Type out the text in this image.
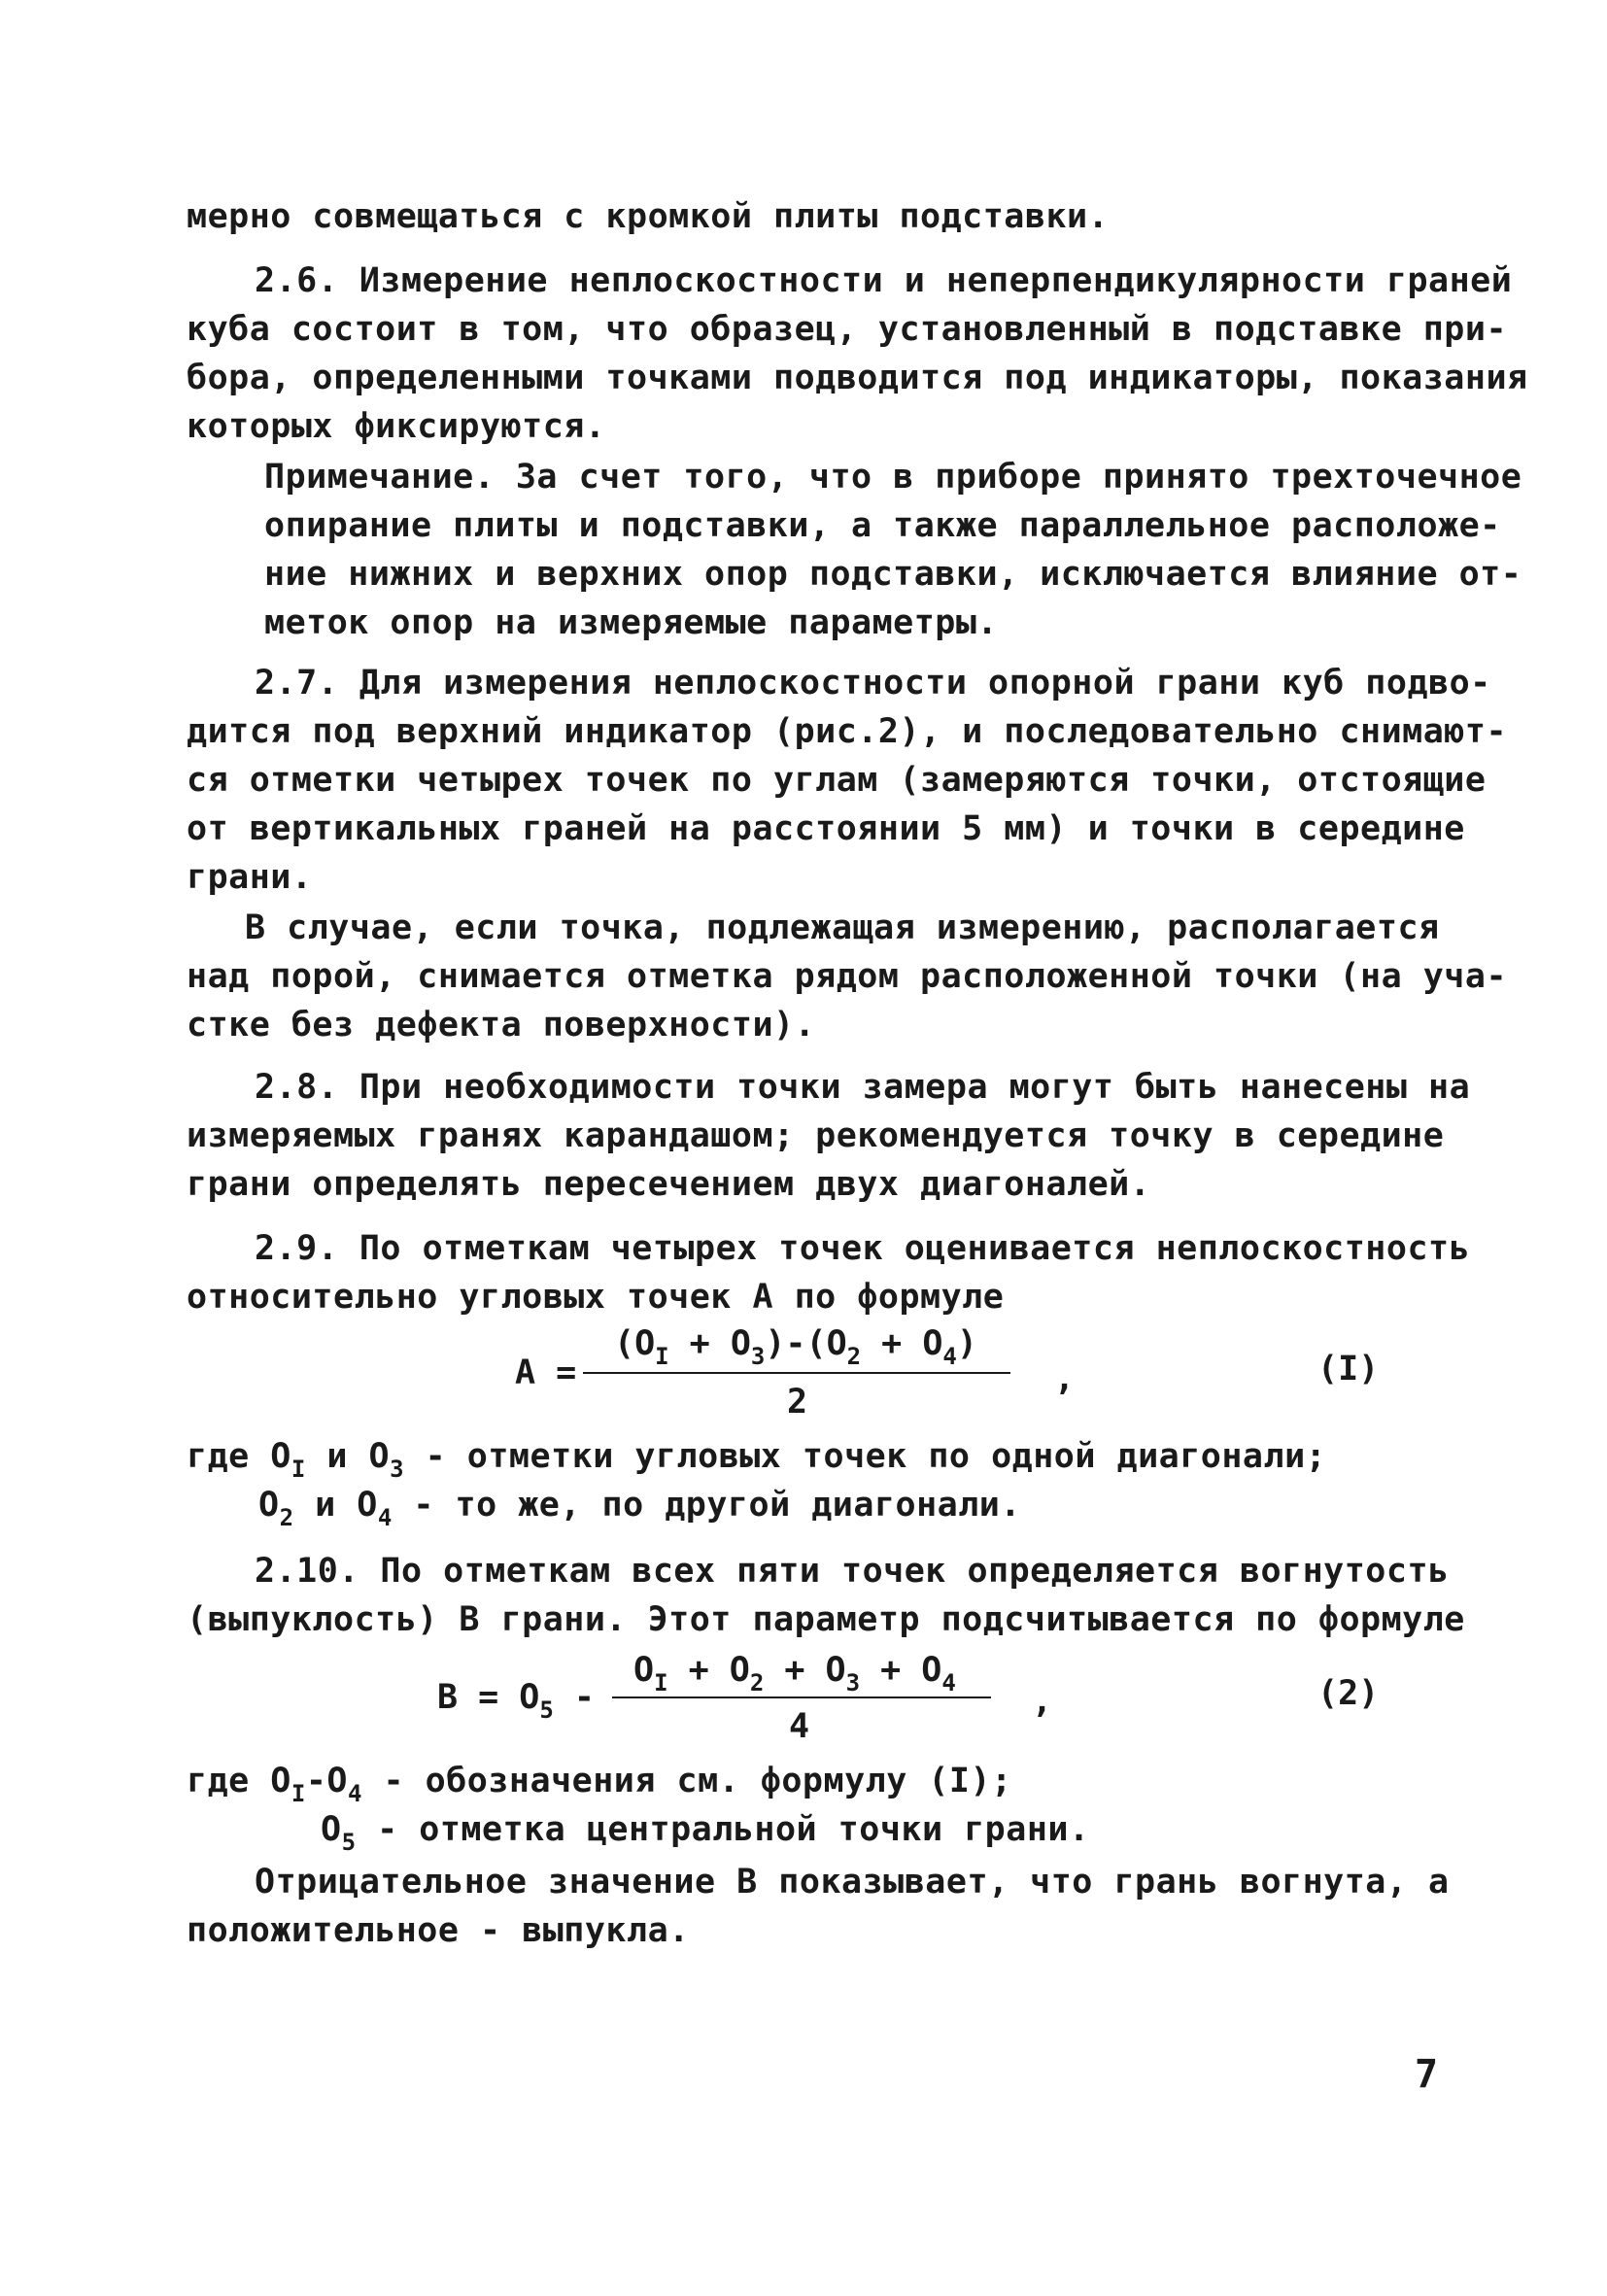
мерно совмещаться с кромкой плиты подставки.
2.6. Измерение неплоскостности и неперпендикулярности граней
куба состоит в том, что образец, установленный в подставке при-
бора, определенными точками подводится под индикаторы, показания
которых фиксируются.
Примечание. За счет того, что в приборе принято трехточечное
опирание плиты и подставки, а также параллельное расположе-
ние нижних и верхних опор подставки, исключается влияние от-
меток опор на измеряемые параметры.
2.7. Для измерения неплоскостности опорной грани куб подво-
дится под верхний индикатор (рис.2), и последовательно снимают-
ся отметки четырех точек по углам (замеряются точки, отстоящие
от вертикальных граней на расстоянии 5 мм) и точки в середине
грани.
В случае, если точка, подлежащая измерению, располагается
над порой, снимается отметка рядом расположенной точки (на уча-
стке без дефекта поверхности).
2.8. При необходимости точки замера могут быть нанесены на
измеряемых гранях карандашом; рекомендуется точку в середине
грани определять пересечением двух диагоналей.
2.9. По отметкам четырех точек оценивается неплоскостность
относительно угловых точек А по формуле
А =
$(О_I + О_3)-(О_2 + О_4)$
2
,	(I)
где $О_I$ и $О_3$ - отметки угловых точек по одной диагонали;
$О_2$ и $О_4$ - то же, по другой диагонали.
2.10. По отметкам всех пяти точек определяется вогнутость
(выпуклость) В грани. Этот параметр подсчитывается по формуле
$В = О_5$ -
$О_I + О_2 + О_3 + О_4$
4
,	(2)
где $О_I-О_4$ - обозначения см. формулу (I);
$О_5$ - отметка центральной точки грани.
Отрицательное значение В показывает, что грань вогнута, а
положительное - выпукла.
7
